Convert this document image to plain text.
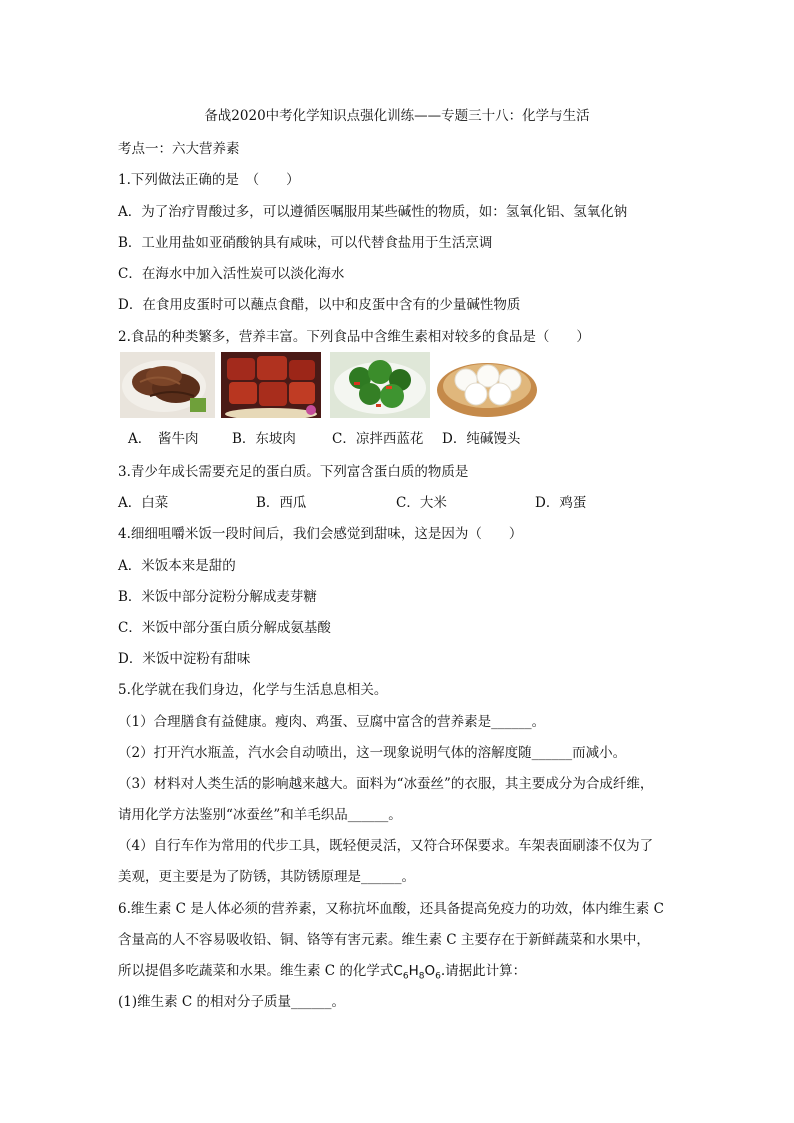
备战2020中考化学知识点强化训练——专题三十八：化学与生活
考点一：六大营养素
1.下列做法正确的是　（　　）
A．为了治疗胃酸过多，可以遵循医嘱服用某些碱性的物质，如：氢氧化铝、氢氧化钠
B．工业用盐如亚硝酸钠具有咸味，可以代替食盐用于生活烹调
C．在海水中加入活性炭可以淡化海水
D．在食用皮蛋时可以蘸点食醋，以中和皮蛋中含有的少量碱性物质
2.食品的种类繁多，营养丰富。下列食品中含维生素相对较多的食品是（　　）
A．　酱牛肉 B．东坡肉	C．凉拌西蓝花 D．纯碱馒头
3.青少年成长需要充足的蛋白质。下列富含蛋白质的物质是
A．白菜	B．西瓜	C．大米	D．鸡蛋
4.细细咀嚼米饭一段时间后，我们会感觉到甜味，这是因为（　　）
A．米饭本来是甜的
B．米饭中部分淀粉分解成麦芽糖
C．米饭中部分蛋白质分解成氨基酸
D．米饭中淀粉有甜味
5.化学就在我们身边，化学与生活息息相关。
（1）合理膳食有益健康。瘦肉、鸡蛋、豆腐中富含的营养素是______。
（2）打开汽水瓶盖，汽水会自动喷出，这一现象说明气体的溶解度随______而减小。
（3）材料对人类生活的影响越来越大。面料为“冰蚕丝”的衣服，其主要成分为合成纤维，
请用化学方法鉴别“冰蚕丝”和羊毛织品______。
（4）自行车作为常用的代步工具，既轻便灵活，又符合环保要求。车架表面刷漆不仅为了
美观，更主要是为了防锈，其防锈原理是______。
6.维生素 C 是人体必须的营养素，又称抗坏血酸，还具备提高免疫力的功效，体内维生素 C
含量高的人不容易吸收铅、铜、铬等有害元素。维生素 C 主要存在于新鲜蔬菜和水果中，
所以提倡多吃蔬菜和水果。维生素 C 的化学式$C_6H_8O_6$.请据此计算：
(1)维生素 C 的相对分子质量______。
